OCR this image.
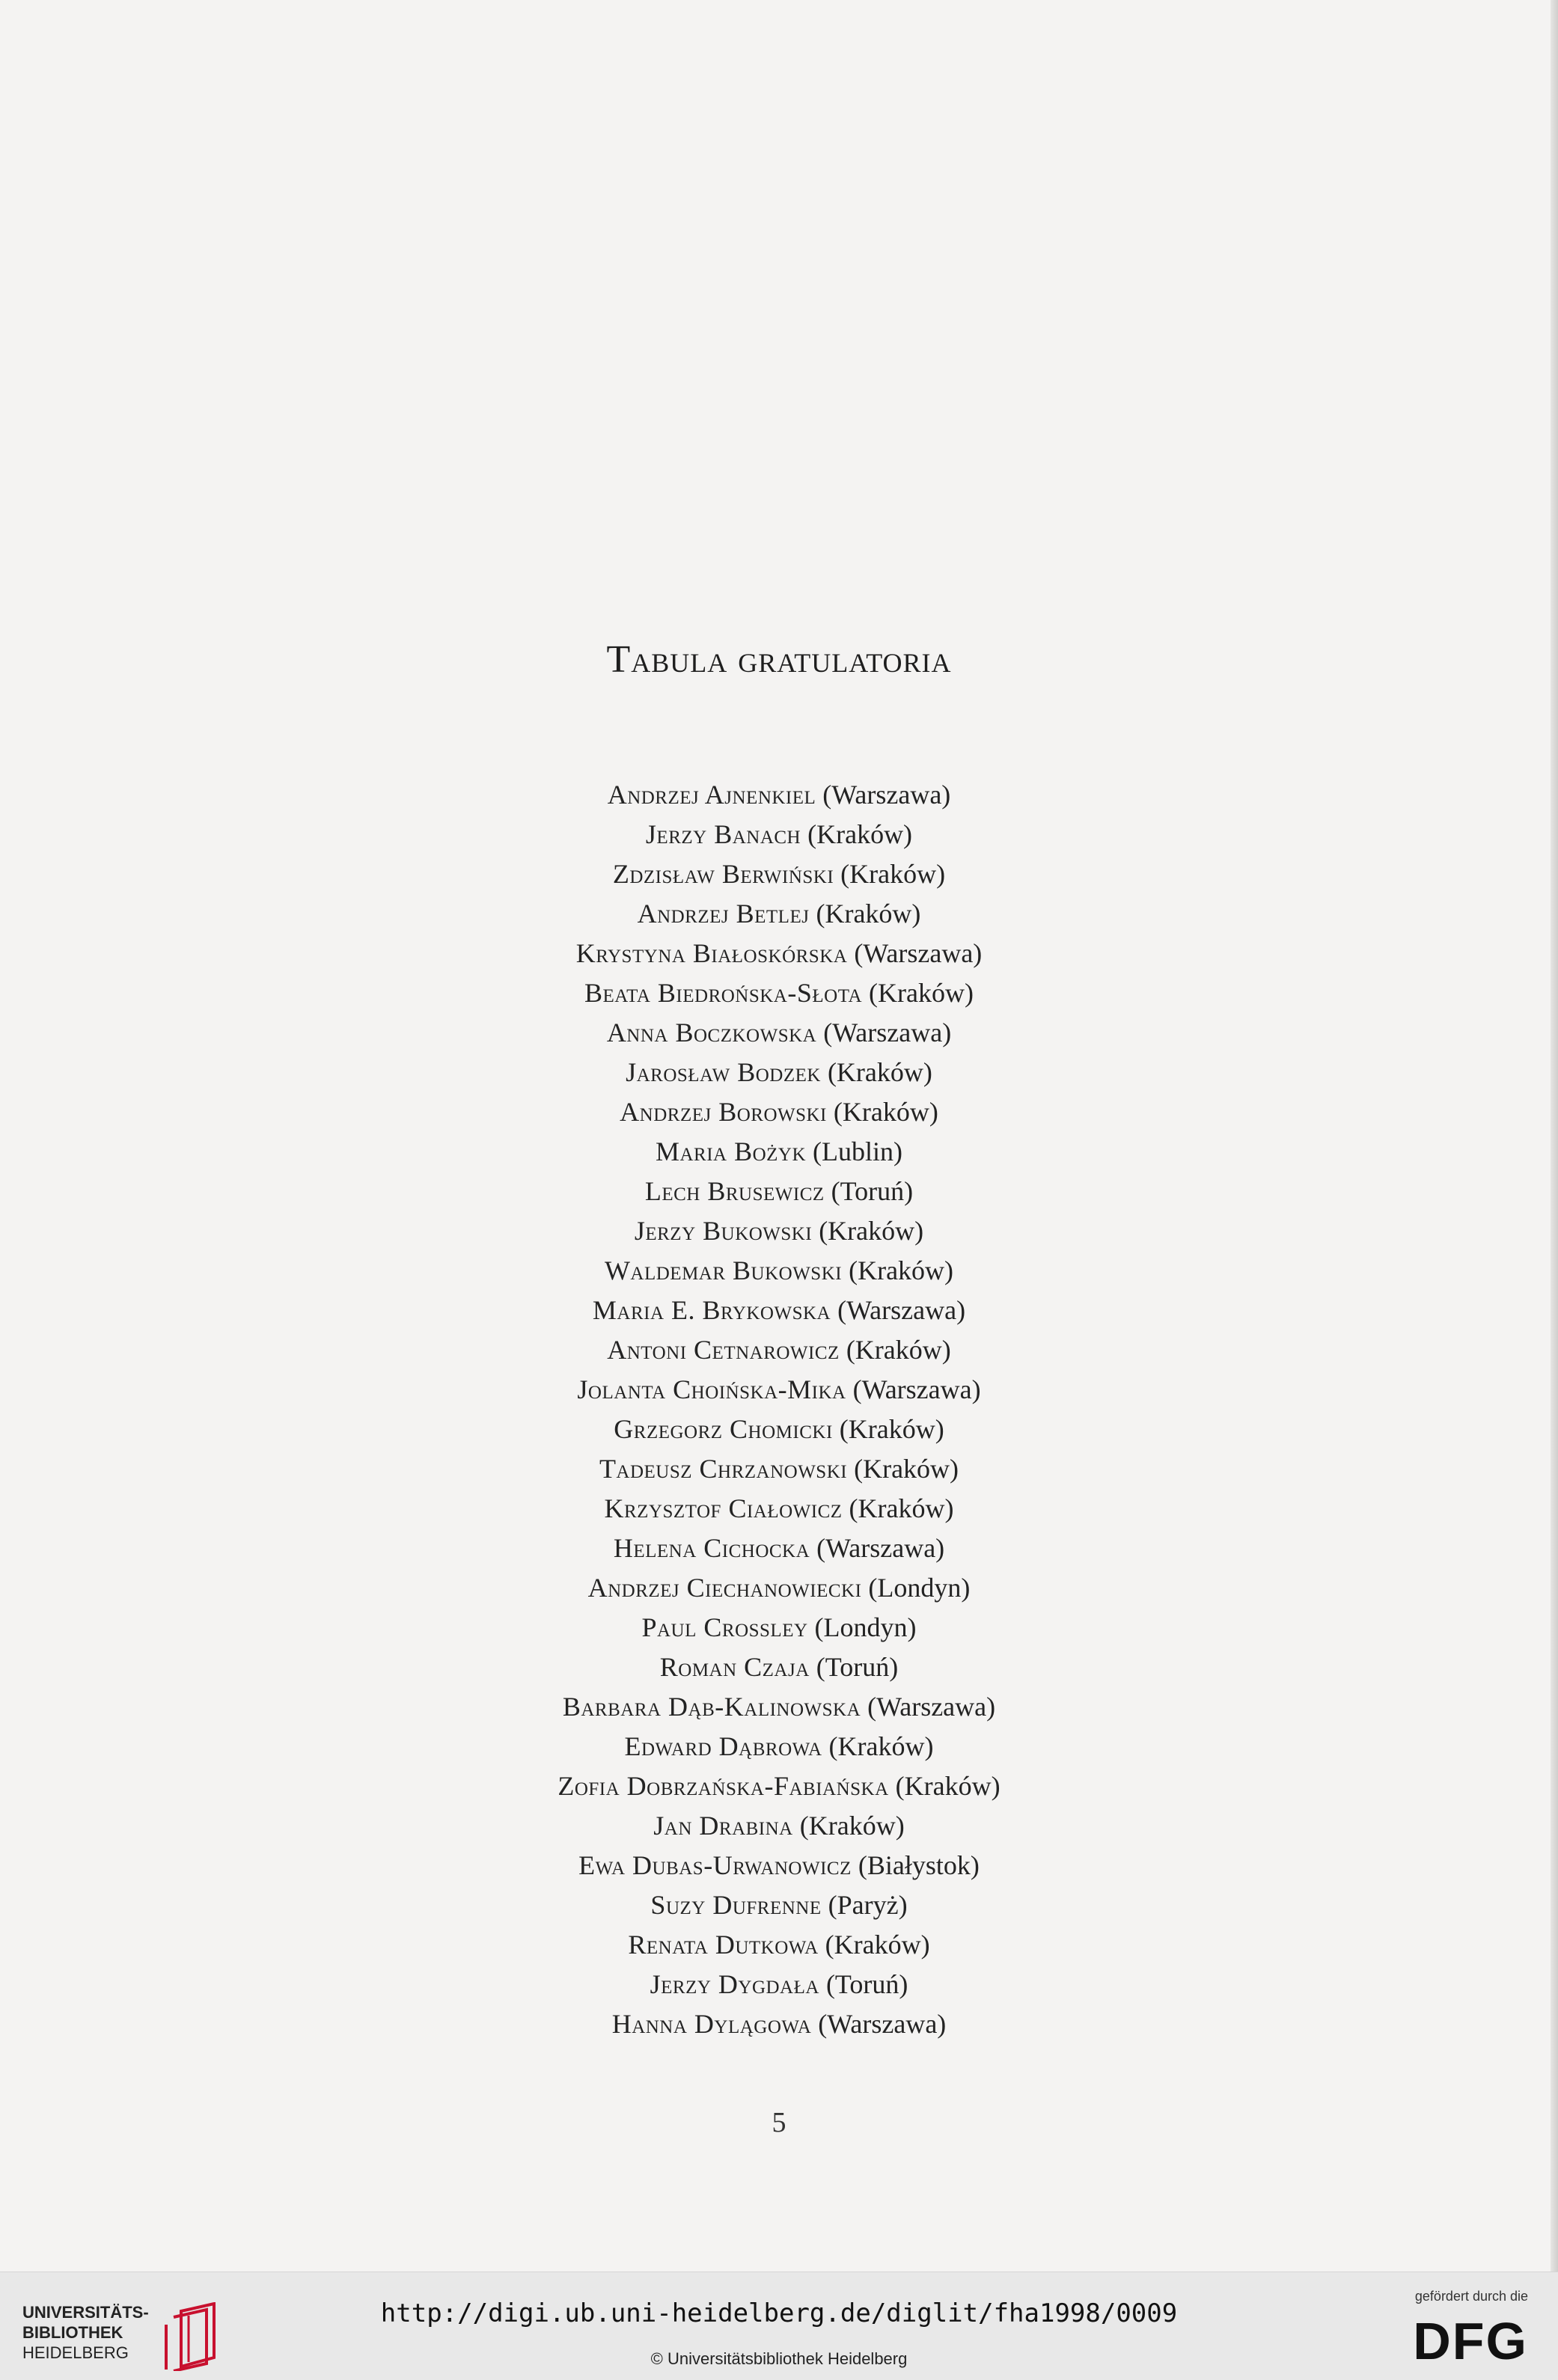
Tabula gratulatoria
Andrzej Ajnenkiel (Warszawa)
Jerzy Banach (Kraków)
Zdzisław Berwiński (Kraków)
Andrzej Betlej (Kraków)
Krystyna Białoskórska (Warszawa)
Beata Biedrońska-Słota (Kraków)
Anna Boczkowska (Warszawa)
Jarosław Bodzek (Kraków)
Andrzej Borowski (Kraków)
Maria Bożyk (Lublin)
Lech Brusewicz (Toruń)
Jerzy Bukowski (Kraków)
Waldemar Bukowski (Kraków)
Maria E. Brykowska (Warszawa)
Antoni Cetnarowicz (Kraków)
Jolanta Choińska-Mika (Warszawa)
Grzegorz Chomicki (Kraków)
Tadeusz Chrzanowski (Kraków)
Krzysztof Ciałowicz (Kraków)
Helena Cichocka (Warszawa)
Andrzej Ciechanowiecki (Londyn)
Paul Crossley (Londyn)
Roman Czaja (Toruń)
Barbara Dąb-Kalinowska (Warszawa)
Edward Dąbrowa (Kraków)
Zofia Dobrzańska-Fabiańska (Kraków)
Jan Drabina (Kraków)
Ewa Dubas-Urwanowicz (Białystok)
Suzy Dufrenne (Paryż)
Renata Dutkowa (Kraków)
Jerzy Dygdała (Toruń)
Hanna Dylągowa (Warszawa)
5
UNIVERSITÄTS-
BIBLIOTHEK
HEIDELBERG
http://digi.ub.uni-heidelberg.de/diglit/fha1998/0009
© Universitätsbibliothek Heidelberg
gefördert durch die
DFG
